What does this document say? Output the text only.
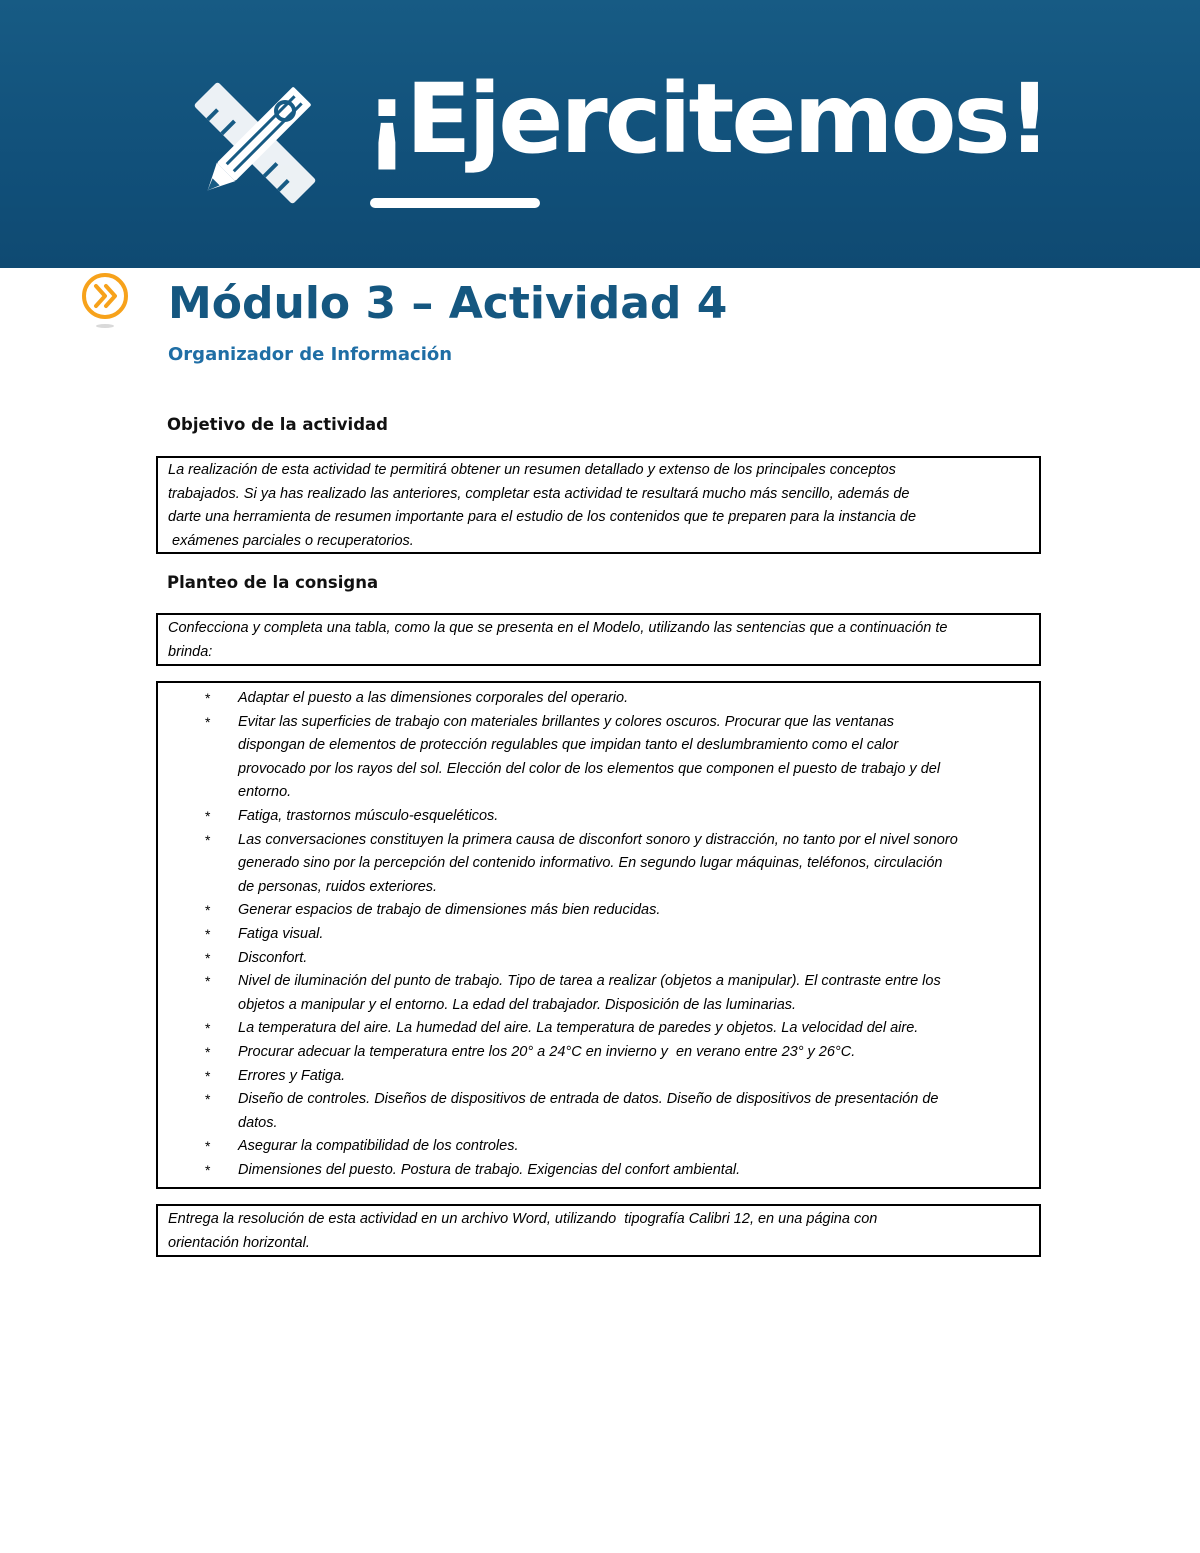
¡Ejercitemos!
Módulo 3 – Actividad 4
Organizador de Información
Objetivo de la actividad

La realización de esta actividad te permitirá obtener un resumen detallado y extenso de los principales conceptos

trabajados. Si ya has realizado las anteriores, completar esta actividad te resultará mucho más sencillo, además de

darte una herramienta de resumen importante para el estudio de los contenidos que te preparen para la instancia de

exámenes parciales o recuperatorios.

Planteo de la consigna

Confecciona y completa una tabla, como la que se presenta en el Modelo, utilizando las sentencias que a continuación te

brinda:

* Adaptar el puesto a las dimensiones corporales del operario.

* Evitar las superficies de trabajo con materiales brillantes y colores oscuros. Procurar que las ventanas

dispongan de elementos de protección regulables que impidan tanto el deslumbramiento como el calor

provocado por los rayos del sol. Elección del color de los elementos que componen el puesto de trabajo y del

entorno.

* Fatiga, trastornos músculo-esqueléticos.

* Las conversaciones constituyen la primera causa de disconfort sonoro y distracción, no tanto por el nivel sonoro

generado sino por la percepción del contenido informativo. En segundo lugar máquinas, teléfonos, circulación

de personas, ruidos exteriores.

* Generar espacios de trabajo de dimensiones más bien reducidas.

* Fatiga visual.

* Disconfort.

* Nivel de iluminación del punto de trabajo. Tipo de tarea a realizar (objetos a manipular). El contraste entre los

objetos a manipular y el entorno. La edad del trabajador. Disposición de las luminarias.

* La temperatura del aire. La humedad del aire. La temperatura de paredes y objetos. La velocidad del aire.

* Procurar adecuar la temperatura entre los 20° a 24°C en invierno y  en verano entre 23° y 26°C.

* Errores y Fatiga.

* Diseño de controles. Diseños de dispositivos de entrada de datos. Diseño de dispositivos de presentación de

datos.

* Asegurar la compatibilidad de los controles.

* Dimensiones del puesto. Postura de trabajo. Exigencias del confort ambiental.

Entrega la resolución de esta actividad en un archivo Word, utilizando  tipografía Calibri 12, en una página con

orientación horizontal.
